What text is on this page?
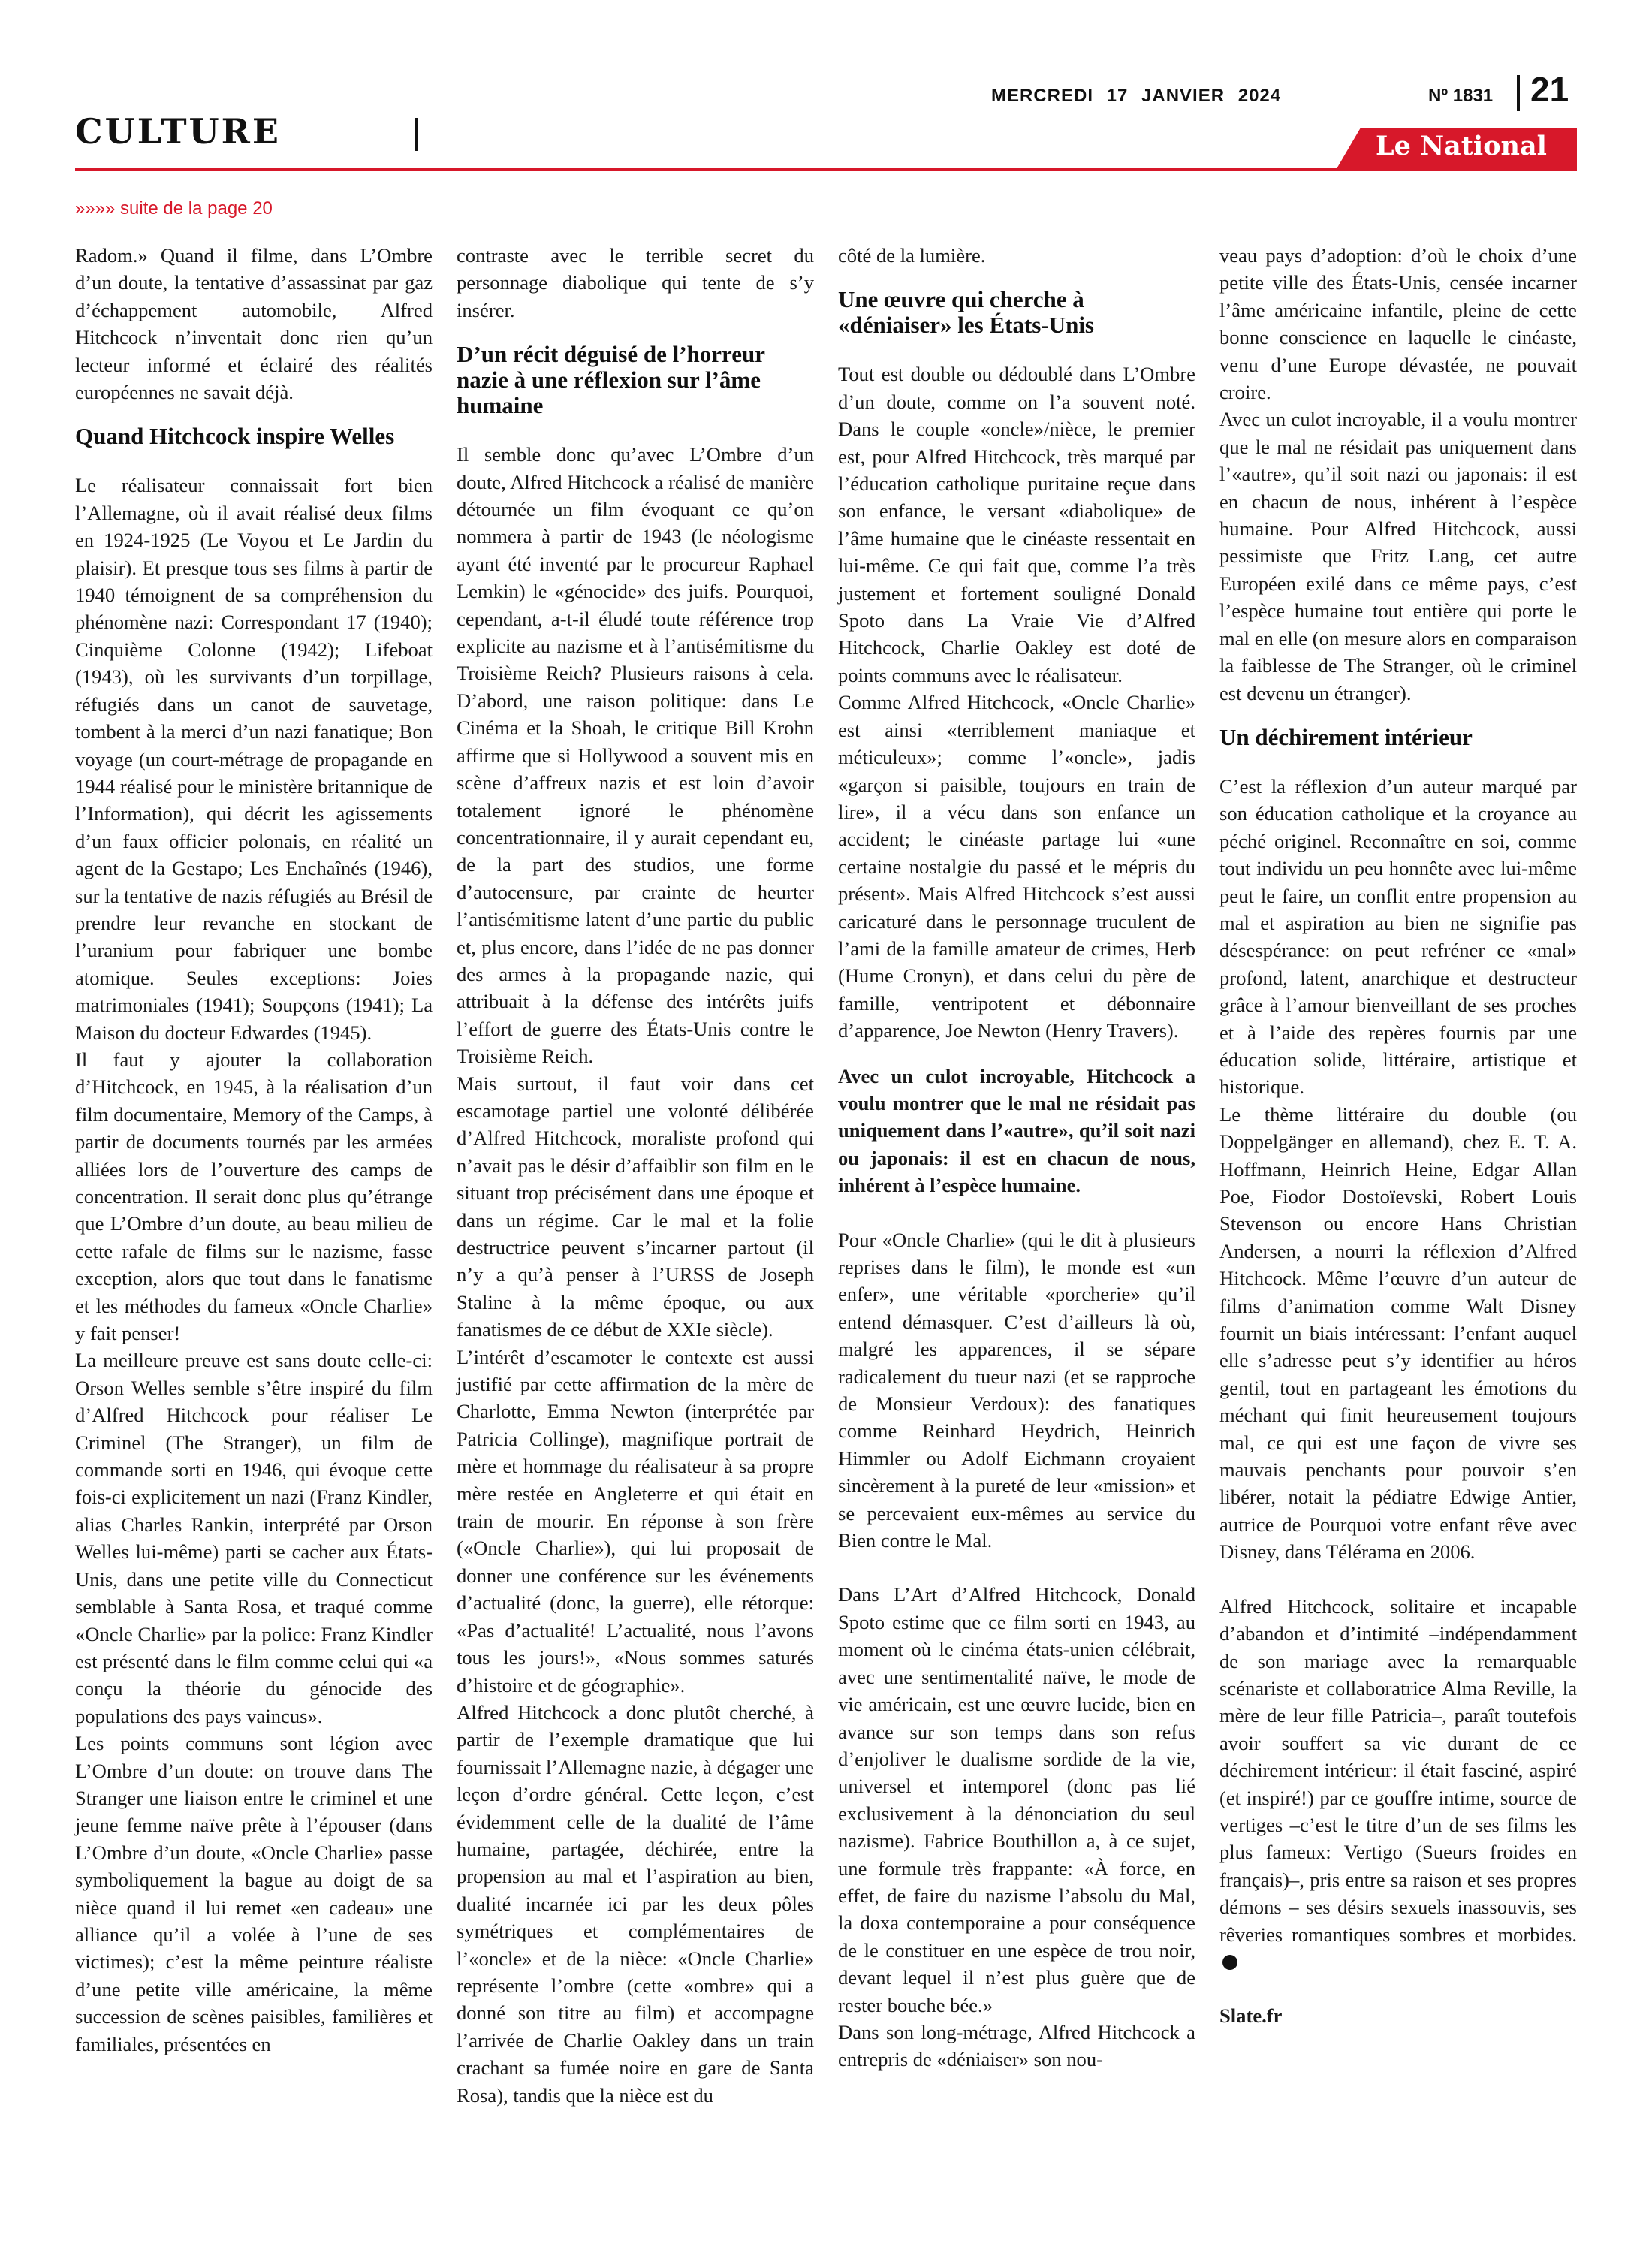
CULTURE
MERCREDI 17 JANVIER 2024	Nº 1831 21
Le National
»»»» suite de la page 20

Radom.» Quand il filme, dans L’Ombre d’un doute, la tentative d’assassinat par gaz d’échappement automobile, Alfred Hitchcock n’inventait donc rien qu’un lecteur informé et éclairé des réalités européennes ne savait déjà.

Quand Hitchcock inspire Welles

Le réalisateur connaissait fort bien l’Allemagne, où il avait réalisé deux films en 1924-1925 (Le Voyou et Le Jardin du plaisir). Et presque tous ses films à partir de 1940 témoignent de sa compréhension du phénomène nazi: Correspondant 17 (1940); Cinquième Colonne (1942); Lifeboat (1943), où les survivants d’un torpillage, réfugiés dans un canot de sauvetage, tombent à la merci d’un nazi fanatique; Bon voyage (un court-métrage de propagande en 1944 réalisé pour le ministère britannique de l’Information), qui décrit les agissements d’un faux officier polonais, en réalité un agent de la Gestapo; Les Enchaînés (1946), sur la tentative de nazis réfugiés au Brésil de prendre leur revanche en stockant de l’uranium pour fabriquer une bombe atomique. Seules exceptions: Joies matrimoniales (1941); Soupçons (1941); La Maison du docteur Edwardes (1945).

Il faut y ajouter la collaboration d’Hitchcock, en 1945, à la réalisation d’un film documentaire, Memory of the Camps, à partir de documents tournés par les armées alliées lors de l’ouverture des camps de concentration. Il serait donc plus qu’étrange que L’Ombre d’un doute, au beau milieu de cette rafale de films sur le nazisme, fasse exception, alors que tout dans le fanatisme et les méthodes du fameux «Oncle Charlie» y fait penser!

La meilleure preuve est sans doute celle-ci: Orson Welles semble s’être inspiré du film d’Alfred Hitchcock pour réaliser Le Criminel (The Stranger), un film de commande sorti en 1946, qui évoque cette fois-ci explicitement un nazi (Franz Kindler, alias Charles Rankin, interprété par Orson Welles lui-même) parti se cacher aux États-Unis, dans une petite ville du Connecticut semblable à Santa Rosa, et traqué comme «Oncle Charlie» par la police: Franz Kindler est présenté dans le film comme celui qui «a conçu la théorie du génocide des populations des pays vaincus».

Les points communs sont légion avec L’Ombre d’un doute: on trouve dans The Stranger une liaison entre le criminel et une jeune femme naïve prête à l’épouser (dans L’Ombre d’un doute, «Oncle Charlie» passe symboliquement la bague au doigt de sa nièce quand il lui remet «en cadeau» une alliance qu’il a volée à l’une de ses victimes); c’est la même peinture réaliste d’une petite ville américaine, la même succession de scènes paisibles, familières et familiales, présentées en

contraste avec le terrible secret du personnage diabolique qui tente de s’y insérer.

D’un récit déguisé de l’horreur nazie à une réflexion sur l’âme humaine

Il semble donc qu’avec L’Ombre d’un doute, Alfred Hitchcock a réalisé de manière détournée un film évoquant ce qu’on nommera à partir de 1943 (le néologisme ayant été inventé par le procureur Raphael Lemkin) le «génocide» des juifs. Pourquoi, cependant, a-t-il éludé toute référence trop explicite au nazisme et à l’antisémitisme du Troisième Reich? Plusieurs raisons à cela. D’abord, une raison politique: dans Le Cinéma et la Shoah, le critique Bill Krohn affirme que si Hollywood a souvent mis en scène d’affreux nazis et est loin d’avoir totalement ignoré le phénomène concentrationnaire, il y aurait cependant eu, de la part des studios, une forme d’autocensure, par crainte de heurter l’antisémitisme latent d’une partie du public et, plus encore, dans l’idée de ne pas donner des armes à la propagande nazie, qui attribuait à la défense des intérêts juifs l’effort de guerre des États-Unis contre le Troisième Reich.

Mais surtout, il faut voir dans cet escamotage partiel une volonté délibérée d’Alfred Hitchcock, moraliste profond qui n’avait pas le désir d’affaiblir son film en le situant trop précisément dans une époque et dans un régime. Car le mal et la folie destructrice peuvent s’incarner partout (il n’y a qu’à penser à l’URSS de Joseph Staline à la même époque, ou aux fanatismes de ce début de XXIe siècle).

L’intérêt d’escamoter le contexte est aussi justifié par cette affirmation de la mère de Charlotte, Emma Newton (interprétée par Patricia Collinge), magnifique portrait de mère et hommage du réalisateur à sa propre mère restée en Angleterre et qui était en train de mourir. En réponse à son frère («Oncle Charlie»), qui lui proposait de donner une conférence sur les événements d’actualité (donc, la guerre), elle rétorque: «Pas d’actualité! L’actualité, nous l’avons tous les jours!», «Nous sommes saturés d’histoire et de géographie».

Alfred Hitchcock a donc plutôt cherché, à partir de l’exemple dramatique que lui fournissait l’Allemagne nazie, à dégager une leçon d’ordre général. Cette leçon, c’est évidemment celle de la dualité de l’âme humaine, partagée, déchirée, entre la propension au mal et l’aspiration au bien, dualité incarnée ici par les deux pôles symétriques et complémentaires de l’«oncle» et de la nièce: «Oncle Charlie» représente l’ombre (cette «ombre» qui a donné son titre au film) et accompagne l’arrivée de Charlie Oakley dans un train crachant sa fumée noire en gare de Santa Rosa), tandis que la nièce est du

côté de la lumière.

Une œuvre qui cherche à «déniaiser» les États-Unis

Tout est double ou dédoublé dans L’Ombre d’un doute, comme on l’a souvent noté. Dans le couple «oncle»/nièce, le premier est, pour Alfred Hitchcock, très marqué par l’éducation catholique puritaine reçue dans son enfance, le versant «diabolique» de l’âme humaine que le cinéaste ressentait en lui-même. Ce qui fait que, comme l’a très justement et fortement souligné Donald Spoto dans La Vraie Vie d’Alfred Hitchcock, Charlie Oakley est doté de points communs avec le réalisateur.

Comme Alfred Hitchcock, «Oncle Charlie» est ainsi «terriblement maniaque et méticuleux»; comme l’«oncle», jadis «garçon si paisible, toujours en train de lire», il a vécu dans son enfance un accident; le cinéaste partage lui «une certaine nostalgie du passé et le mépris du présent». Mais Alfred Hitchcock s’est aussi caricaturé dans le personnage truculent de l’ami de la famille amateur de crimes, Herb (Hume Cronyn), et dans celui du père de famille, ventripotent et débonnaire d’apparence, Joe Newton (Henry Travers).

Avec un culot incroyable, Hitchcock a voulu montrer que le mal ne résidait pas uniquement dans l’«autre», qu’il soit nazi ou japonais: il est en chacun de nous, inhérent à l’espèce humaine.

Pour «Oncle Charlie» (qui le dit à plusieurs reprises dans le film), le monde est «un enfer», une véritable «porcherie» qu’il entend démasquer. C’est d’ailleurs là où, malgré les apparences, il se sépare radicalement du tueur nazi (et se rapproche de Monsieur Verdoux): des fanatiques comme Reinhard Heydrich, Heinrich Himmler ou Adolf Eichmann croyaient sincèrement à la pureté de leur «mission» et se percevaient eux-mêmes au service du Bien contre le Mal.

Dans L’Art d’Alfred Hitchcock, Donald Spoto estime que ce film sorti en 1943, au moment où le cinéma états-unien célébrait, avec une sentimentalité naïve, le mode de vie américain, est une œuvre lucide, bien en avance sur son temps dans son refus d’enjoliver le dualisme sordide de la vie, universel et intemporel (donc pas lié exclusivement à la dénonciation du seul nazisme). Fabrice Bouthillon a, à ce sujet, une formule très frappante: «À force, en effet, de faire du nazisme l’absolu du Mal, la doxa contemporaine a pour conséquence de le constituer en une espèce de trou noir, devant lequel il n’est plus guère que de rester bouche bée.»

Dans son long-métrage, Alfred Hitchcock a entrepris de «déniaiser» son nou-

veau pays d’adoption: d’où le choix d’une petite ville des États-Unis, censée incarner l’âme américaine infantile, pleine de cette bonne conscience en laquelle le cinéaste, venu d’une Europe dévastée, ne pouvait croire.

Avec un culot incroyable, il a voulu montrer que le mal ne résidait pas uniquement dans l’«autre», qu’il soit nazi ou japonais: il est en chacun de nous, inhérent à l’espèce humaine. Pour Alfred Hitchcock, aussi pessimiste que Fritz Lang, cet autre Européen exilé dans ce même pays, c’est l’espèce humaine tout entière qui porte le mal en elle (on mesure alors en comparaison la faiblesse de The Stranger, où le criminel est devenu un étranger).

Un déchirement intérieur

C’est la réflexion d’un auteur marqué par son éducation catholique et la croyance au péché originel. Reconnaître en soi, comme tout individu un peu honnête avec lui-même peut le faire, un conflit entre propension au mal et aspiration au bien ne signifie pas désespérance: on peut refréner ce «mal» profond, latent, anarchique et destructeur grâce à l’amour bienveillant de ses proches et à l’aide des repères fournis par une éducation solide, littéraire, artistique et historique.

Le thème littéraire du double (ou Doppelgänger en allemand), chez E. T. A. Hoffmann, Heinrich Heine, Edgar Allan Poe, Fiodor Dostoïevski, Robert Louis Stevenson ou encore Hans Christian Andersen, a nourri la réflexion d’Alfred Hitchcock. Même l’œuvre d’un auteur de films d’animation comme Walt Disney fournit un biais intéressant: l’enfant auquel elle s’adresse peut s’y identifier au héros gentil, tout en partageant les émotions du méchant qui finit heureusement toujours mal, ce qui est une façon de vivre ses mauvais penchants pour pouvoir s’en libérer, notait la pédiatre Edwige Antier, autrice de Pourquoi votre enfant rêve avec Disney, dans Télérama en 2006.

Alfred Hitchcock, solitaire et incapable d’abandon et d’intimité –indépendamment de son mariage avec la remarquable scénariste et collaboratrice Alma Reville, la mère de leur fille Patricia–, paraît toutefois avoir souffert sa vie durant de ce déchirement intérieur: il était fasciné, aspiré (et inspiré!) par ce gouffre intime, source de vertiges –c’est le titre d’un de ses films les plus fameux: Vertigo (Sueurs froides en français)–, pris entre sa raison et ses propres démons – ses désirs sexuels inassouvis, ses rêveries romantiques sombres et morbides.

Slate.fr
